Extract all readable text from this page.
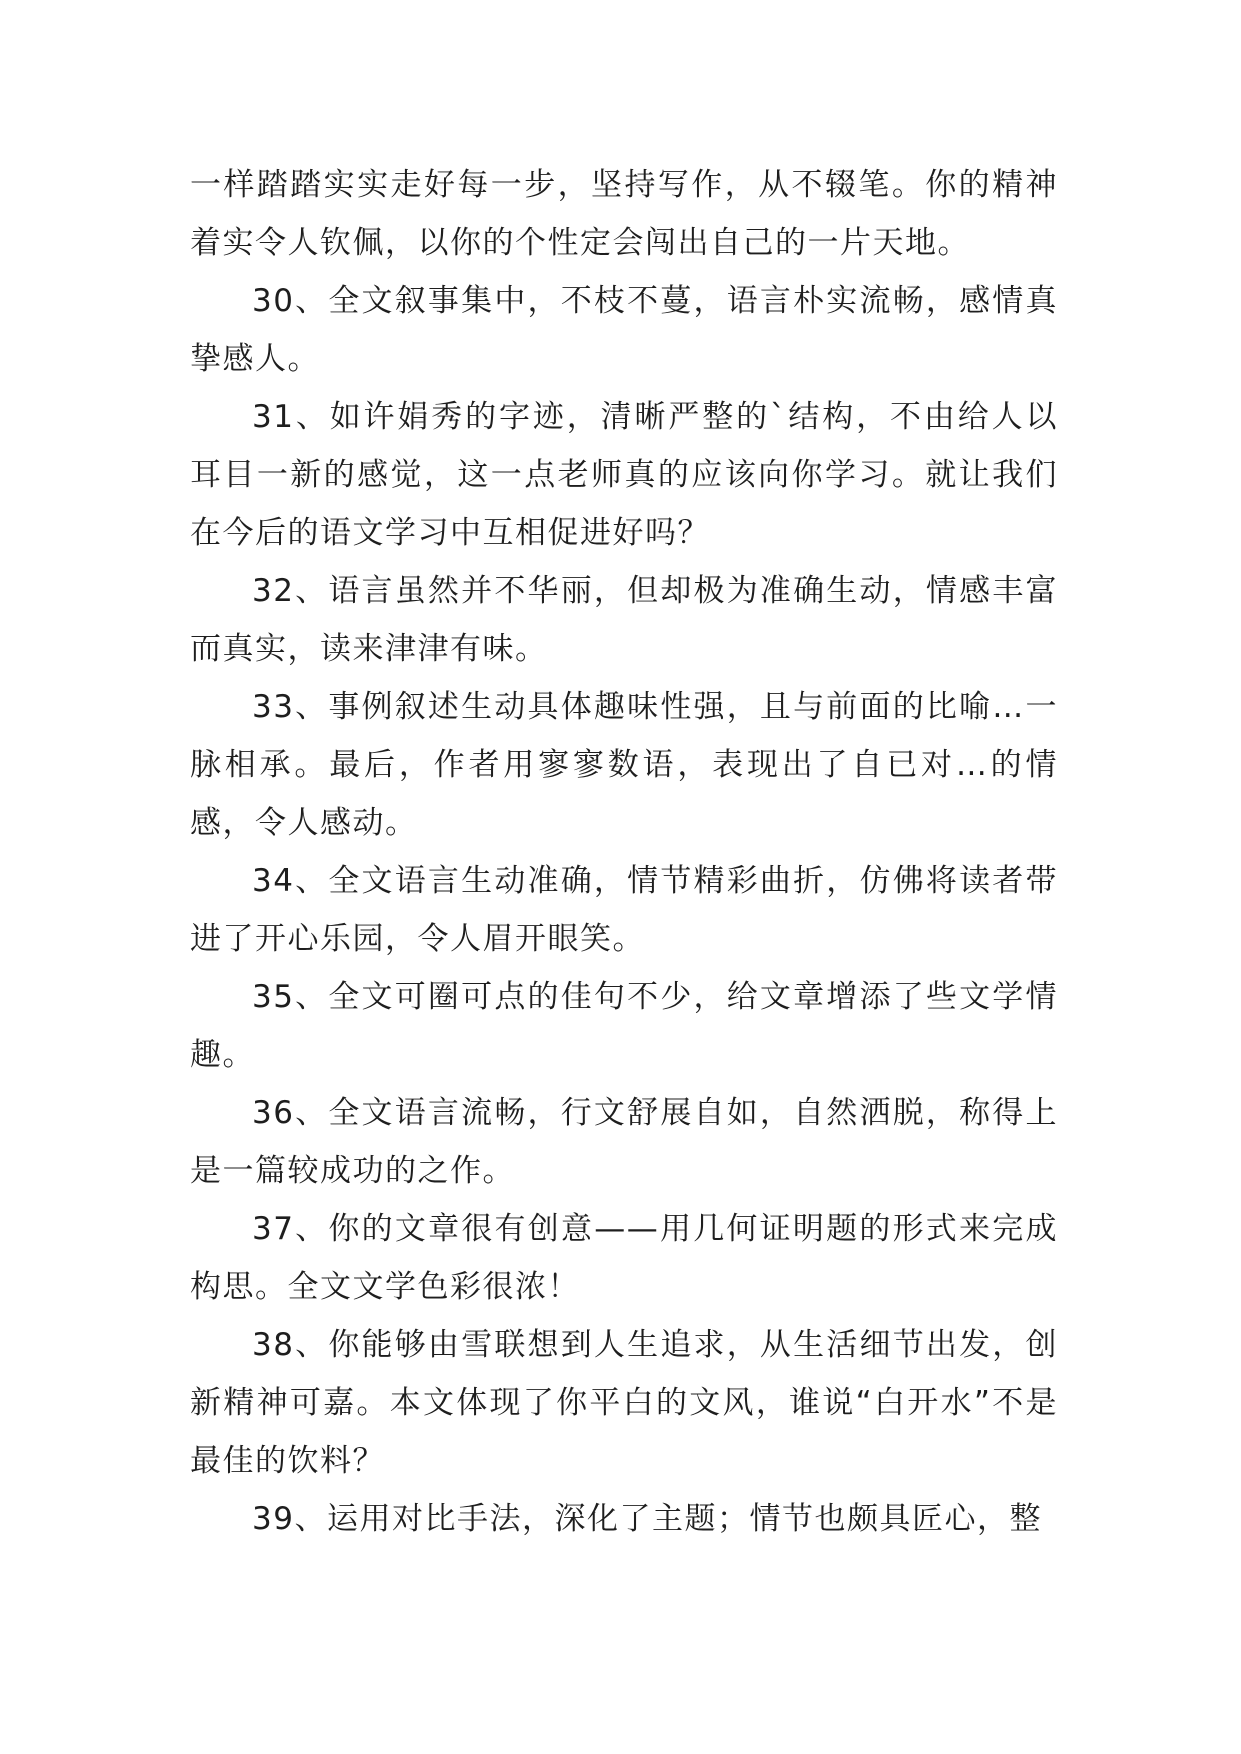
一样踏踏实实走好每一步，坚持写作，从不辍笔。你的精神着实令人钦佩，以你的个性定会闯出自己的一片天地。

30、全文叙事集中，不枝不蔓，语言朴实流畅，感情真挚感人。

31、如许娟秀的字迹，清晰严整的`结构，不由给人以耳目一新的感觉，这一点老师真的应该向你学习。就让我们在今后的语文学习中互相促进好吗？

32、语言虽然并不华丽，但却极为准确生动，情感丰富而真实，读来津津有味。

33、事例叙述生动具体趣味性强，且与前面的比喻…一脉相承。最后，作者用寥寥数语，表现出了自已对…的情感，令人感动。

34、全文语言生动准确，情节精彩曲折，仿佛将读者带进了开心乐园，令人眉开眼笑。

35、全文可圈可点的佳句不少，给文章增添了些文学情趣。

36、全文语言流畅，行文舒展自如，自然洒脱，称得上是一篇较成功的之作。

37、你的文章很有创意——用几何证明题的形式来完成构思。全文文学色彩很浓！

38、你能够由雪联想到人生追求，从生活细节出发，创新精神可嘉。本文体现了你平白的文风，谁说“白开水”不是最佳的饮料？

39、运用对比手法，深化了主题；情节也颇具匠心，整
